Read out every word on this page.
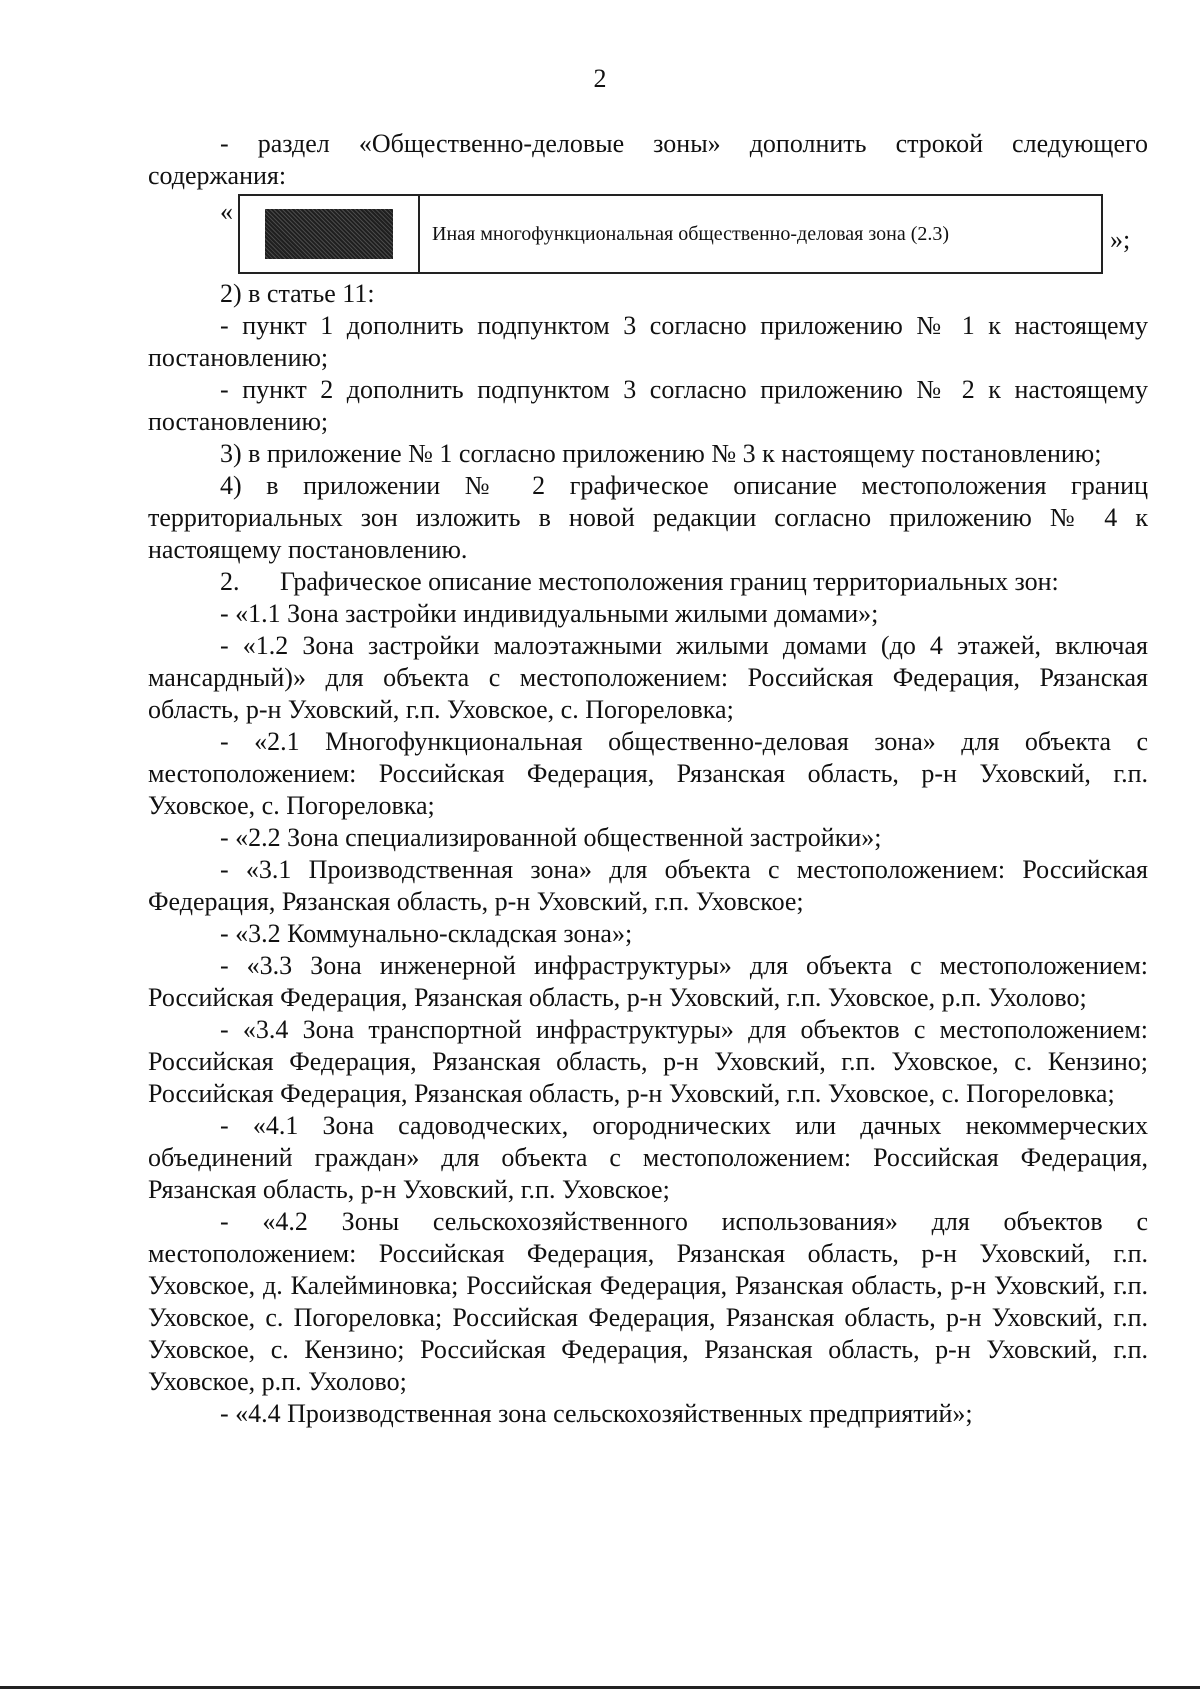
2

- раздел «Общественно-деловые зоны» дополнить строкой следующего содержания:

«
Иная многофункциональная общественно-деловая зона (2.3)	»;

2) в статье 11:

- пункт 1 дополнить подпунктом 3 согласно приложению № 1 к настоящему постановлению;

- пункт 2 дополнить подпунктом 3 согласно приложению № 2 к настоящему постановлению;

3) в приложение № 1 согласно приложению № 3 к настоящему постановлению;

4) в приложении № 2 графическое описание местоположения границ территориальных зон изложить в новой редакции согласно приложению № 4 к настоящему постановлению.

2. Графическое описание местоположения границ территориальных зон:

- «1.1 Зона застройки индивидуальными жилыми домами»;

- «1.2 Зона застройки малоэтажными жилыми домами (до 4 этажей, включая мансардный)» для объекта с местоположением: Российская Федерация, Рязанская область, р-н Уховский, г.п. Уховское, с. Погореловка;

- «2.1 Многофункциональная общественно-деловая зона» для объекта с местоположением: Российская Федерация, Рязанская область, р-н Уховский, г.п. Уховское, с. Погореловка;

- «2.2 Зона специализированной общественной застройки»;

- «3.1 Производственная зона» для объекта с местоположением: Российская Федерация, Рязанская область, р-н Уховский, г.п. Уховское;

- «3.2 Коммунально-складская зона»;

- «3.3 Зона инженерной инфраструктуры» для объекта с местоположением: Российская Федерация, Рязанская область, р-н Уховский, г.п. Уховское, р.п. Ухолово;

- «3.4 Зона транспортной инфраструктуры» для объектов с местоположением: Российская Федерация, Рязанская область, р-н Уховский, г.п. Уховское, с. Кензино; Российская Федерация, Рязанская область, р-н Уховский, г.п. Уховское, с. Погореловка;

- «4.1 Зона садоводческих, огороднических или дачных некоммерческих объединений граждан» для объекта с местоположением: Российская Федерация, Рязанская область, р-н Уховский, г.п. Уховское;

- «4.2 Зоны сельскохозяйственного использования» для объектов с местоположением: Российская Федерация, Рязанская область, р-н Уховский, г.п. Уховское, д. Калейминовка; Российская Федерация, Рязанская область, р-н Уховский, г.п. Уховское, с. Погореловка; Российская Федерация, Рязанская область, р-н Уховский, г.п. Уховское, с. Кензино; Российская Федерация, Рязанская область, р-н Уховский, г.п. Уховское, р.п. Ухолово;

- «4.4 Производственная зона сельскохозяйственных предприятий»;
